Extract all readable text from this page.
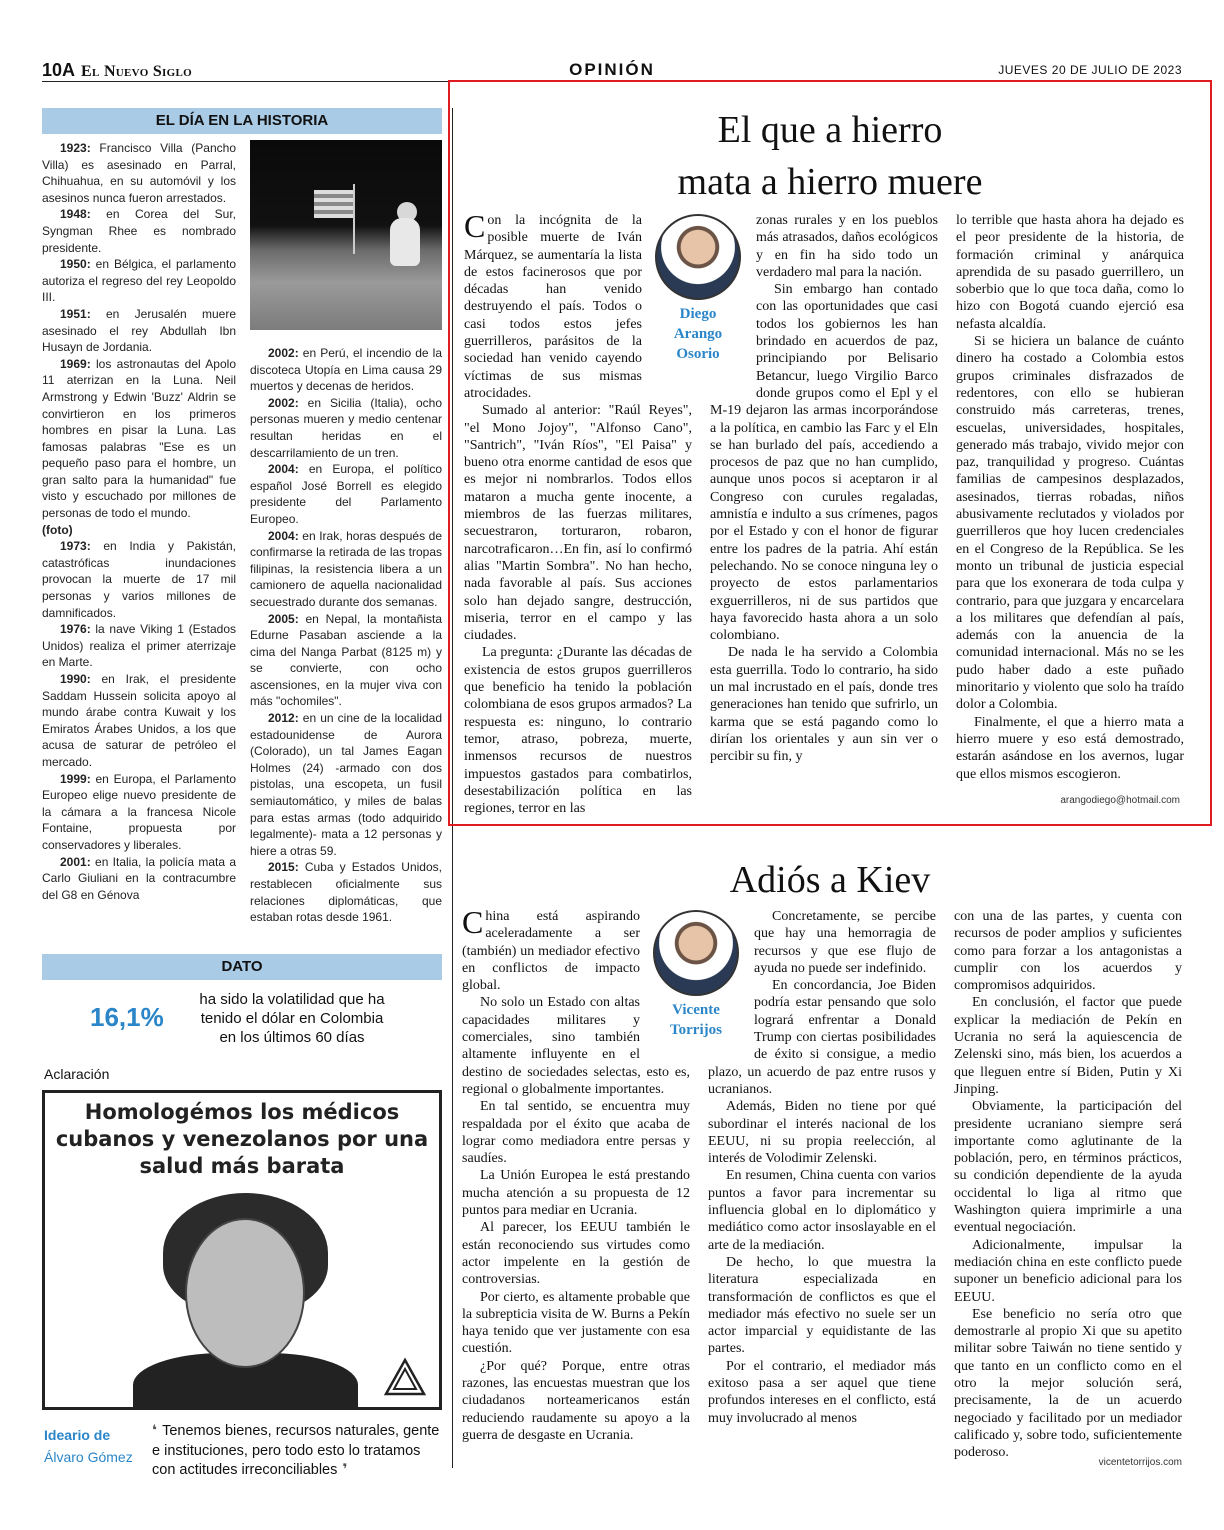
10A El Nuevo Siglo	OPINIÓN	JUEVES 20 DE JULIO DE 2023
EL DÍA EN LA HISTORIA

1923: Francisco Villa (Pancho Villa) es asesinado en Parral, Chihuahua, en su automóvil y los asesinos nunca fueron arrestados.

1948: en Corea del Sur, Syngman Rhee es nombrado presidente.

1950: en Bélgica, el parlamento autoriza el regreso del rey Leopoldo III.

1951: en Jerusalén muere asesinado el rey Abdullah Ibn Husayn de Jordania.

1969: los astronautas del Apolo 11 aterrizan en la Luna. Neil Armstrong y Edwin 'Buzz' Aldrin se convirtieron en los primeros hombres en pisar la Luna. Las famosas palabras "Ese es un pequeño paso para el hombre, un gran salto para la humanidad" fue visto y escuchado por millones de personas de todo el mundo.

(foto)

1973: en India y Pakistán, catastróficas inundaciones provocan la muerte de 17 mil personas y varios millones de damnificados.

1976: la nave Viking 1 (Estados Unidos) realiza el primer aterrizaje en Marte.

1990: en Irak, el presidente Saddam Hussein solicita apoyo al mundo árabe contra Kuwait y los Emiratos Árabes Unidos, a los que acusa de saturar de petróleo el mercado.

1999: en Europa, el Parlamento Europeo elige nuevo presidente de la cámara a la francesa Nicole Fontaine, propuesta por conservadores y liberales.

2001: en Italia, la policía mata a Carlo Giuliani en la contracumbre del G8 en Génova

2002: en Perú, el incendio de la discoteca Utopía en Lima causa 29 muertos y decenas de heridos.

2002: en Sicilia (Italia), ocho personas mueren y medio centenar resultan heridas en el descarrilamiento de un tren.

2004: en Europa, el político español José Borrell es elegido presidente del Parlamento Europeo.

2004: en Irak, horas después de confirmarse la retirada de las tropas filipinas, la resistencia libera a un camionero de aquella nacionalidad secuestrado durante dos semanas.

2005: en Nepal, la montañista Edurne Pasaban asciende a la cima del Nanga Parbat (8125 m) y se convierte, con ocho ascensiones, en la mujer viva con más "ochomiles".

2012: en un cine de la localidad estadounidense de Aurora (Colorado), un tal James Eagan Holmes (24) -armado con dos pistolas, una escopeta, un fusil semiautomático, y miles de balas para estas armas (todo adquirido legalmente)- mata a 12 personas y hiere a otras 59.

2015: Cuba y Estados Unidos, restablecen oficialmente sus relaciones diplomáticas, que estaban rotas desde 1961.

DATO
16,1%
ha sido la volatilidad que ha tenido el dólar en Colombia en los últimos 60 días
Aclaración
Homologémos los médicos cubanos y venezolanos por una salud más barata
Ideario de
Álvaro Gómez
❛ Tenemos bienes, recursos naturales, gente e instituciones, pero todo esto lo tratamos con actitudes irreconciliables ❜
El que a hierro
mata a hierro muere

Con la incógnita de la posible muerte de Iván Márquez, se aumentaría la lista de estos facinerosos que por décadas han venido destruyendo el país. Todos o casi todos estos jefes guerrilleros, parásitos de la sociedad han venido cayendo víctimas de sus mismas atrocidades.

Sumado al anterior: "Raúl Reyes", "el Mono Jojoy", "Alfonso Cano", "Santrich", "Iván Ríos", "El Paisa" y bueno otra enorme cantidad de esos que es mejor ni nombrarlos. Todos ellos mataron a mucha gente inocente, a miembros de las fuerzas militares, secuestraron, torturaron, robaron, narcotraficaron…En fin, así lo confirmó alias "Martin Sombra". No han hecho, nada favorable al país. Sus acciones solo han dejado sangre, destrucción, miseria, terror en el campo y las ciudades.

La pregunta: ¿Durante las décadas de existencia de estos grupos guerrilleros que beneficio ha tenido la población colombiana de esos grupos armados? La respuesta es: ninguno, lo contrario temor, atraso, pobreza, muerte, inmensos recursos de nuestros impuestos gastados para combatirlos, desestabilización política en las regiones, terror en las

Diego
Arango
Osorio

zonas rurales y en los pueblos más atrasados, daños ecológicos y en fin ha sido todo un verdadero mal para la nación.

Sin embargo han contado con las oportunidades que casi todos los gobiernos les han brindado en acuerdos de paz, principiando por Belisario Betancur, luego Virgilio Barco donde grupos como el Epl y el M-19 dejaron las armas incorporándose a la política, en cambio las Farc y el Eln se han burlado del país, accediendo a procesos de paz que no han cumplido, aunque unos pocos si aceptaron ir al Congreso con curules regaladas, amnistía e indulto a sus crímenes, pagos por el Estado y con el honor de figurar entre los padres de la patria. Ahí están pelechando. No se conoce ninguna ley o proyecto de estos parlamentarios exguerrilleros, ni de sus partidos que haya favorecido hasta ahora a un solo colombiano.

De nada le ha servido a Colombia esta guerrilla. Todo lo contrario, ha sido un mal incrustado en el país, donde tres generaciones han tenido que sufrirlo, un karma que se está pagando como lo dirían los orientales y aun sin ver o percibir su fin, y

lo terrible que hasta ahora ha dejado es el peor presidente de la historia, de formación criminal y anárquica aprendida de su pasado guerrillero, un soberbio que lo que toca daña, como lo hizo con Bogotá cuando ejerció esa nefasta alcaldía.

Si se hiciera un balance de cuánto dinero ha costado a Colombia estos grupos criminales disfrazados de redentores, con ello se hubieran construido más carreteras, trenes, escuelas, universidades, hospitales, generado más trabajo, vivido mejor con paz, tranquilidad y progreso. Cuántas familias de campesinos desplazados, asesinados, tierras robadas, niños abusivamente reclutados y violados por guerrilleros que hoy lucen credenciales en el Congreso de la República. Se les monto un tribunal de justicia especial para que los exonerara de toda culpa y contrario, para que juzgara y encarcelara a los militares que defendían al país, además con la anuencia de la comunidad internacional. Más no se les pudo haber dado a este puñado minoritario y violento que solo ha traído dolor a Colombia.

Finalmente, el que a hierro mata a hierro muere y eso está demostrado, estarán asándose en los avernos, lugar que ellos mismos escogieron.

arangodiego@hotmail.com
Adiós a Kiev

China está aspirando aceleradamente a ser (también) un mediador efectivo en conflictos de impacto global.

No solo un Estado con altas capacidades militares y comerciales, sino también altamente influyente en el destino de sociedades selectas, esto es, regional o globalmente importantes.

En tal sentido, se encuentra muy respaldada por el éxito que acaba de lograr como mediadora entre persas y saudíes.

La Unión Europea le está prestando mucha atención a su propuesta de 12 puntos para mediar en Ucrania.

Al parecer, los EEUU también le están reconociendo sus virtudes como actor impelente en la gestión de controversias.

Por cierto, es altamente probable que la subrepticia visita de W. Burns a Pekín haya tenido que ver justamente con esa cuestión.

¿Por qué? Porque, entre otras razones, las encuestas muestran que los ciudadanos norteamericanos están reduciendo raudamente su apoyo a la guerra de desgaste en Ucrania.

Vicente
Torrijos

Concretamente, se percibe que hay una hemorragia de recursos y que ese flujo de ayuda no puede ser indefinido.

En concordancia, Joe Biden podría estar pensando que solo logrará enfrentar a Donald Trump con ciertas posibilidades de éxito si consigue, a medio plazo, un acuerdo de paz entre rusos y ucranianos.

Además, Biden no tiene por qué subordinar el interés nacional de los EEUU, ni su propia reelección, al interés de Volodimir Zelenski.

En resumen, China cuenta con varios puntos a favor para incrementar su influencia global en lo diplomático y mediático como actor insoslayable en el arte de la mediación.

De hecho, lo que muestra la literatura especializada en transformación de conflictos es que el mediador más efectivo no suele ser un actor imparcial y equidistante de las partes.

Por el contrario, el mediador más exitoso pasa a ser aquel que tiene profundos intereses en el conflicto, está muy involucrado al menos

con una de las partes, y cuenta con recursos de poder amplios y suficientes como para forzar a los antagonistas a cumplir con los acuerdos y compromisos adquiridos.

En conclusión, el factor que puede explicar la mediación de Pekín en Ucrania no será la aquiescencia de Zelenski sino, más bien, los acuerdos a que lleguen entre sí Biden, Putin y Xi Jinping.

Obviamente, la participación del presidente ucraniano siempre será importante como aglutinante de la población, pero, en términos prácticos, su condición dependiente de la ayuda occidental lo liga al ritmo que Washington quiera imprimirle a una eventual negociación.

Adicionalmente, impulsar la mediación china en este conflicto puede suponer un beneficio adicional para los EEUU.

Ese beneficio no sería otro que demostrarle al propio Xi que su apetito militar sobre Taiwán no tiene sentido y que tanto en un conflicto como en el otro la mejor solución será, precisamente, la de un acuerdo negociado y facilitado por un mediador calificado y, sobre todo, suficientemente poderoso.

vicentetorrijos.com
